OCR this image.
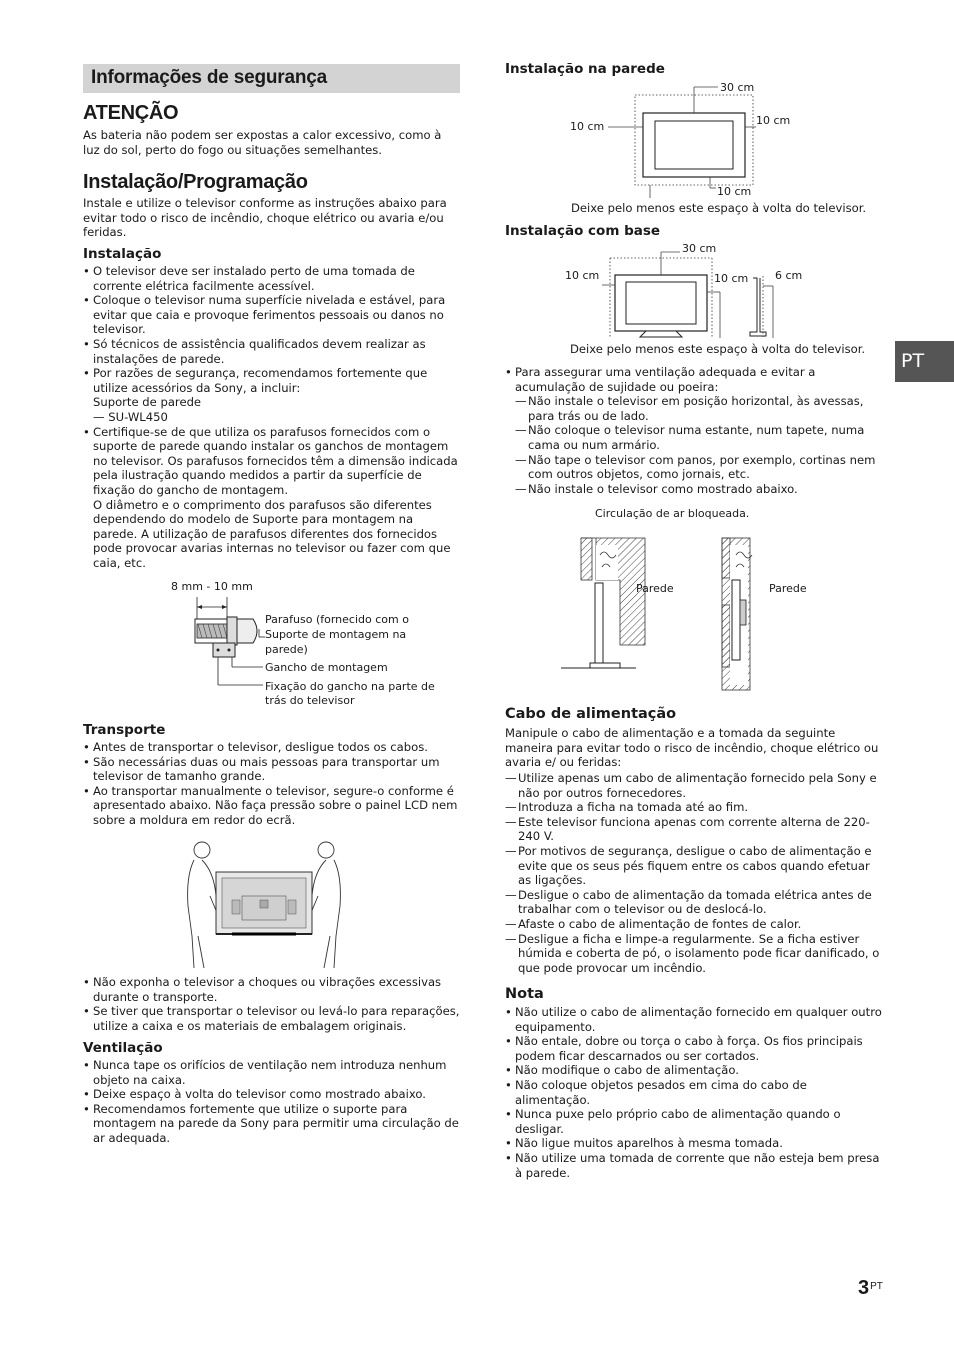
Informações de segurança
ATENÇÃO

As bateria não podem ser expostas a calor excessivo, como à luz do sol, perto do fogo ou situações semelhantes.

Instalação/Programação

Instale e utilize o televisor conforme as instruções abaixo para evitar todo o risco de incêndio, choque elétrico ou avaria e/ou feridas.

Instalação
• O televisor deve ser instalado perto de uma tomada de corrente elétrica facilmente acessível.
• Coloque o televisor numa superfície nivelada e estável, para evitar que caia e provoque ferimentos pessoais ou danos no televisor.
• Só técnicos de assistência qualificados devem realizar as instalações de parede.
• Por razões de segurança, recomendamos fortemente que utilize acessórios da Sony, a incluir:
Suporte de parede
— SU-WL450
• Certifique-se de que utiliza os parafusos fornecidos com o suporte de parede quando instalar os ganchos de montagem no televisor. Os parafusos fornecidos têm a dimensão indicada pela ilustração quando medidos a partir da superfície de fixação do gancho de montagem.
O diâmetro e o comprimento dos parafusos são diferentes dependendo do modelo de Suporte para montagem na parede. A utilização de parafusos diferentes dos fornecidos pode provocar avarias internas no televisor ou fazer com que caia, etc.
8 mm - 10 mm
Parafuso (fornecido com o
Suporte de montagem na
parede)
Gancho de montagem
Fixação do gancho na parte de
trás do televisor
Transporte
• Antes de transportar o televisor, desligue todos os cabos.
• São necessárias duas ou mais pessoas para transportar um televisor de tamanho grande.
• Ao transportar manualmente o televisor, segure-o conforme é apresentado abaixo. Não faça pressão sobre o painel LCD nem sobre a moldura em redor do ecrã.
• Não exponha o televisor a choques ou vibrações excessivas durante o transporte.
• Se tiver que transportar o televisor ou levá-lo para reparações, utilize a caixa e os materiais de embalagem originais.
Ventilação
• Nunca tape os orifícios de ventilação nem introduza nenhum objeto na caixa.
• Deixe espaço à volta do televisor como mostrado abaixo.
• Recomendamos fortemente que utilize o suporte para montagem na parede da Sony para permitir uma circulação de ar adequada.
Instalação na parede
30 cm
10 cm	10 cm
10 cm

Deixe pelo menos este espaço à volta do televisor.

Instalação com base
30 cm
10 cm	10 cm 6 cm

Deixe pelo menos este espaço à volta do televisor.

• Para assegurar uma ventilação adequada e evitar a acumulação de sujidade ou poeira:
— Não instale o televisor em posição horizontal, às avessas, para trás ou de lado.
— Não coloque o televisor numa estante, num tapete, numa cama ou num armário.
— Não tape o televisor com panos, por exemplo, cortinas nem com outros objetos, como jornais, etc.
— Não instale o televisor como mostrado abaixo.
Circulação de ar bloqueada.
Parede	Parede
Cabo de alimentação

Manipule o cabo de alimentação e a tomada da seguinte maneira para evitar todo o risco de incêndio, choque elétrico ou avaria e/ ou feridas:

— Utilize apenas um cabo de alimentação fornecido pela Sony e não por outros fornecedores.
— Introduza a ficha na tomada até ao fim.
— Este televisor funciona apenas com corrente alterna de 220-240 V.
— Por motivos de segurança, desligue o cabo de alimentação e evite que os seus pés fiquem entre os cabos quando efetuar as ligações.
— Desligue o cabo de alimentação da tomada elétrica antes de trabalhar com o televisor ou de deslocá-lo.
— Afaste o cabo de alimentação de fontes de calor.
— Desligue a ficha e limpe-a regularmente. Se a ficha estiver húmida e coberta de pó, o isolamento pode ficar danificado, o que pode provocar um incêndio.
Nota
• Não utilize o cabo de alimentação fornecido em qualquer outro equipamento.
• Não entale, dobre ou torça o cabo à força. Os fios principais podem ficar descarnados ou ser cortados.
• Não modifique o cabo de alimentação.
• Não coloque objetos pesados em cima do cabo de alimentação.
• Nunca puxe pelo próprio cabo de alimentação quando o desligar.
• Não ligue muitos aparelhos à mesma tomada.
• Não utilize uma tomada de corrente que não esteja bem presa à parede.
PT
$3^{PT}$
